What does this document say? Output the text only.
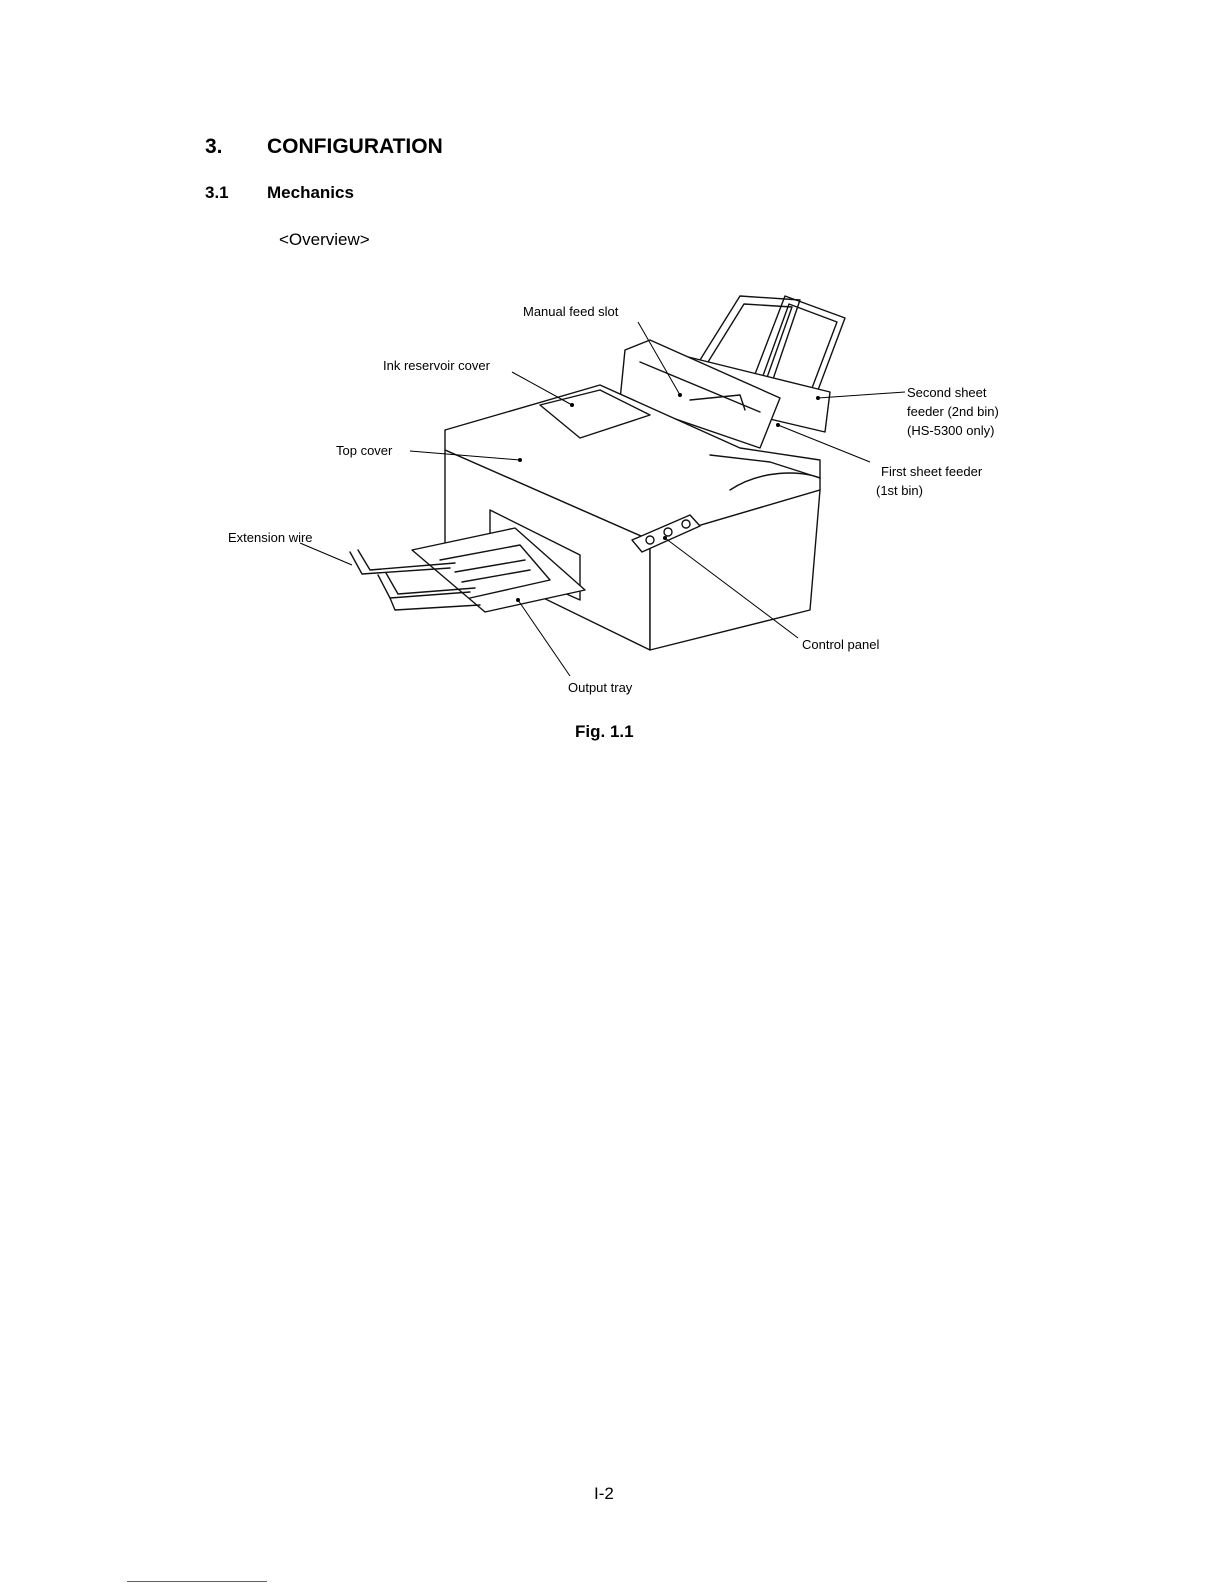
3. CONFIGURATION
3.1 Mechanics
<Overview>
Manual feed slot
Ink reservoir cover
Top cover
Extension wire
Second sheet
feeder (2nd bin)
(HS-5300 only)
First sheet feeder
(1st bin)
Control panel
Output tray
Fig. 1.1
I-2
